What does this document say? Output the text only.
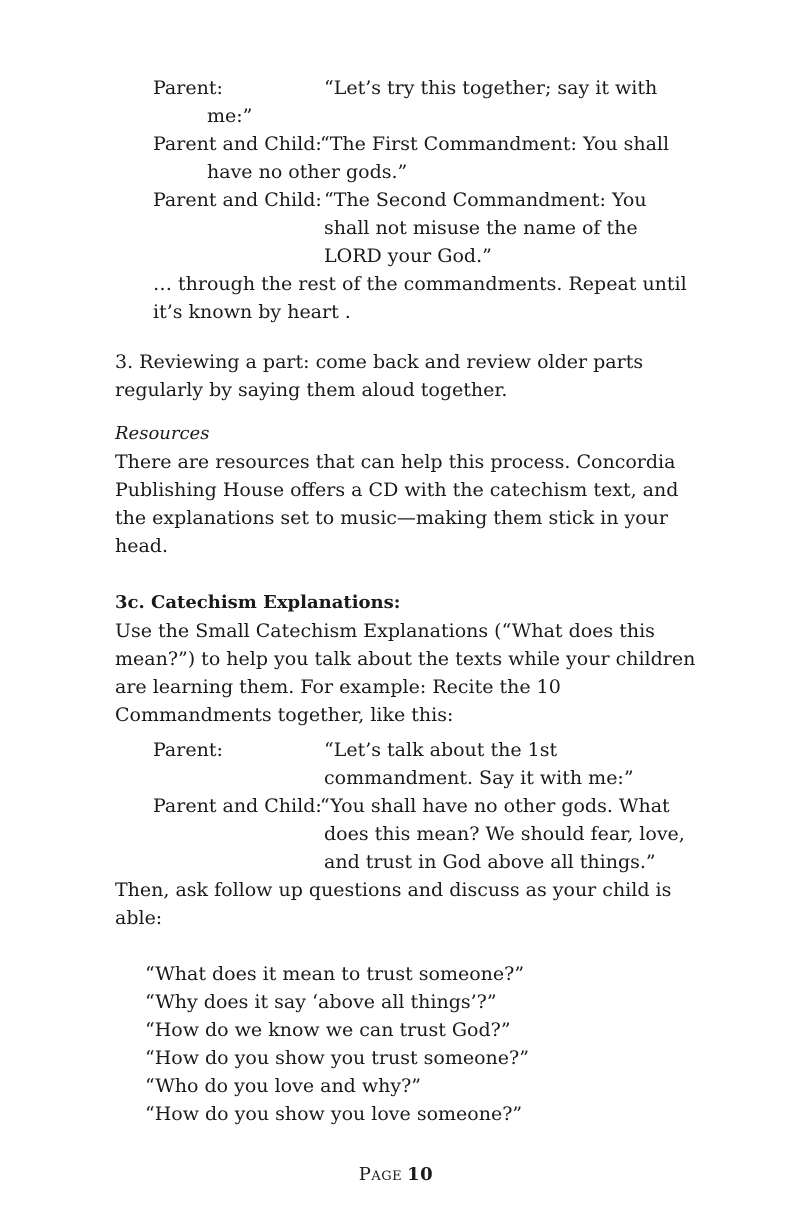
Parent:	“Let’s try this together; say it with
me:”
Parent and Child:
“The First Commandment: You shall
have no other gods.”
Parent and Child: “The Second Commandment: You
shall not misuse the name of the
LORD your God.”
… through the rest of the commandments. Repeat until
it’s known by heart .
3. Reviewing a part: come back and review older parts
regularly by saying them aloud together.
Resources
There are resources that can help this process. Concordia
Publishing House offers a CD with the catechism text, and
the explanations set to music—making them stick in your
head.
3c. Catechism Explanations:
Use the Small Catechism Explanations (“What does this
mean?”) to help you talk about the texts while your children
are learning them. For example: Recite the 10
Commandments together, like this:
Parent:	“Let’s talk about the 1st
commandment. Say it with me:”
Parent and Child:
“You shall have no other gods. What
does this mean? We should fear, love,
and trust in God above all things.”
Then, ask follow up questions and discuss as your child is
able:
“What does it mean to trust someone?”
“Why does it say ‘above all things’?”
“How do we know we can trust God?”
“How do you show you trust someone?”
“Who do you love and why?”
“How do you show you love someone?”
Page 10
